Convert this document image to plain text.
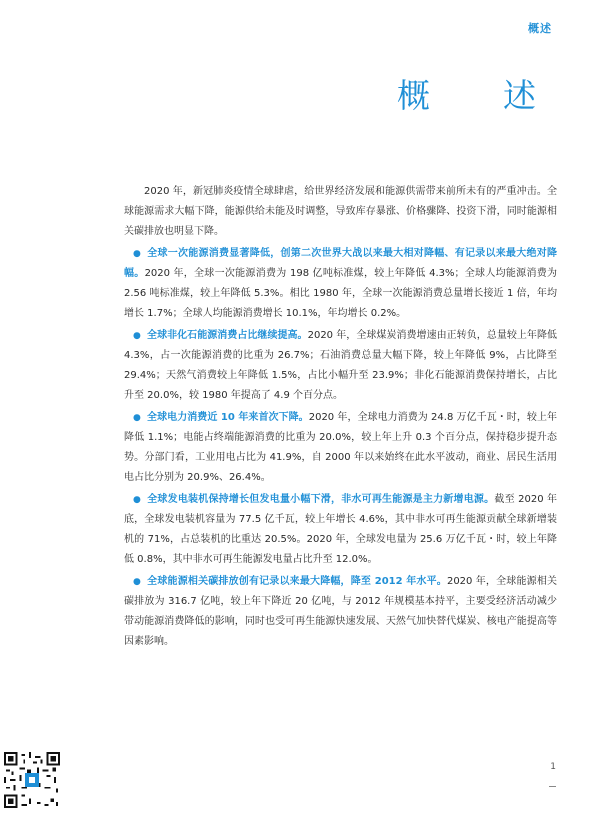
概述
概　述

2020 年，新冠肺炎疫情全球肆虐，给世界经济发展和能源供需带来前所未有的严重冲击。全球能源需求大幅下降，能源供给未能及时调整，导致库存暴涨、价格骤降、投资下滑，同时能源相关碳排放也明显下降。

● 全球一次能源消费显著降低，创第二次世界大战以来最大相对降幅、有记录以来最大绝对降幅。2020 年，全球一次能源消费为 198 亿吨标准煤，较上年降低 4.3%；全球人均能源消费为 2.56 吨标准煤，较上年降低 5.3%。相比 1980 年，全球一次能源消费总量增长接近 1 倍，年均增长 1.7%；全球人均能源消费增长 10.1%，年均增长 0.2%。

● 全球非化石能源消费占比继续提高。2020 年，全球煤炭消费增速由正转负，总量较上年降低 4.3%，占一次能源消费的比重为 26.7%；石油消费总量大幅下降，较上年降低 9%，占比降至 29.4%；天然气消费较上年降低 1.5%，占比小幅升至 23.9%；非化石能源消费保持增长，占比升至 20.0%，较 1980 年提高了 4.9 个百分点。

● 全球电力消费近 10 年来首次下降。2020 年，全球电力消费为 24.8 万亿千瓦・时，较上年降低 1.1%；电能占终端能源消费的比重为 20.0%，较上年上升 0.3 个百分点，保持稳步提升态势。分部门看，工业用电占比为 41.9%，自 2000 年以来始终在此水平波动，商业、居民生活用电占比分别为 20.9%、26.4%。

● 全球发电装机保持增长但发电量小幅下滑，非水可再生能源是主力新增电源。截至 2020 年底，全球发电装机容量为 77.5 亿千瓦，较上年增长 4.6%，其中非水可再生能源贡献全球新增装机的 71%，占总装机的比重达 20.5%。2020 年，全球发电量为 25.6 万亿千瓦・时，较上年降低 0.8%，其中非水可再生能源发电量占比升至 12.0%。

● 全球能源相关碳排放创有记录以来最大降幅，降至 2012 年水平。2020 年，全球能源相关碳排放为 316.7 亿吨，较上年下降近 20 亿吨，与 2012 年规模基本持平，主要受经济活动减少带动能源消费降低的影响，同时也受可再生能源快速发展、天然气加快替代煤炭、核电产能提高等因素影响。

1
